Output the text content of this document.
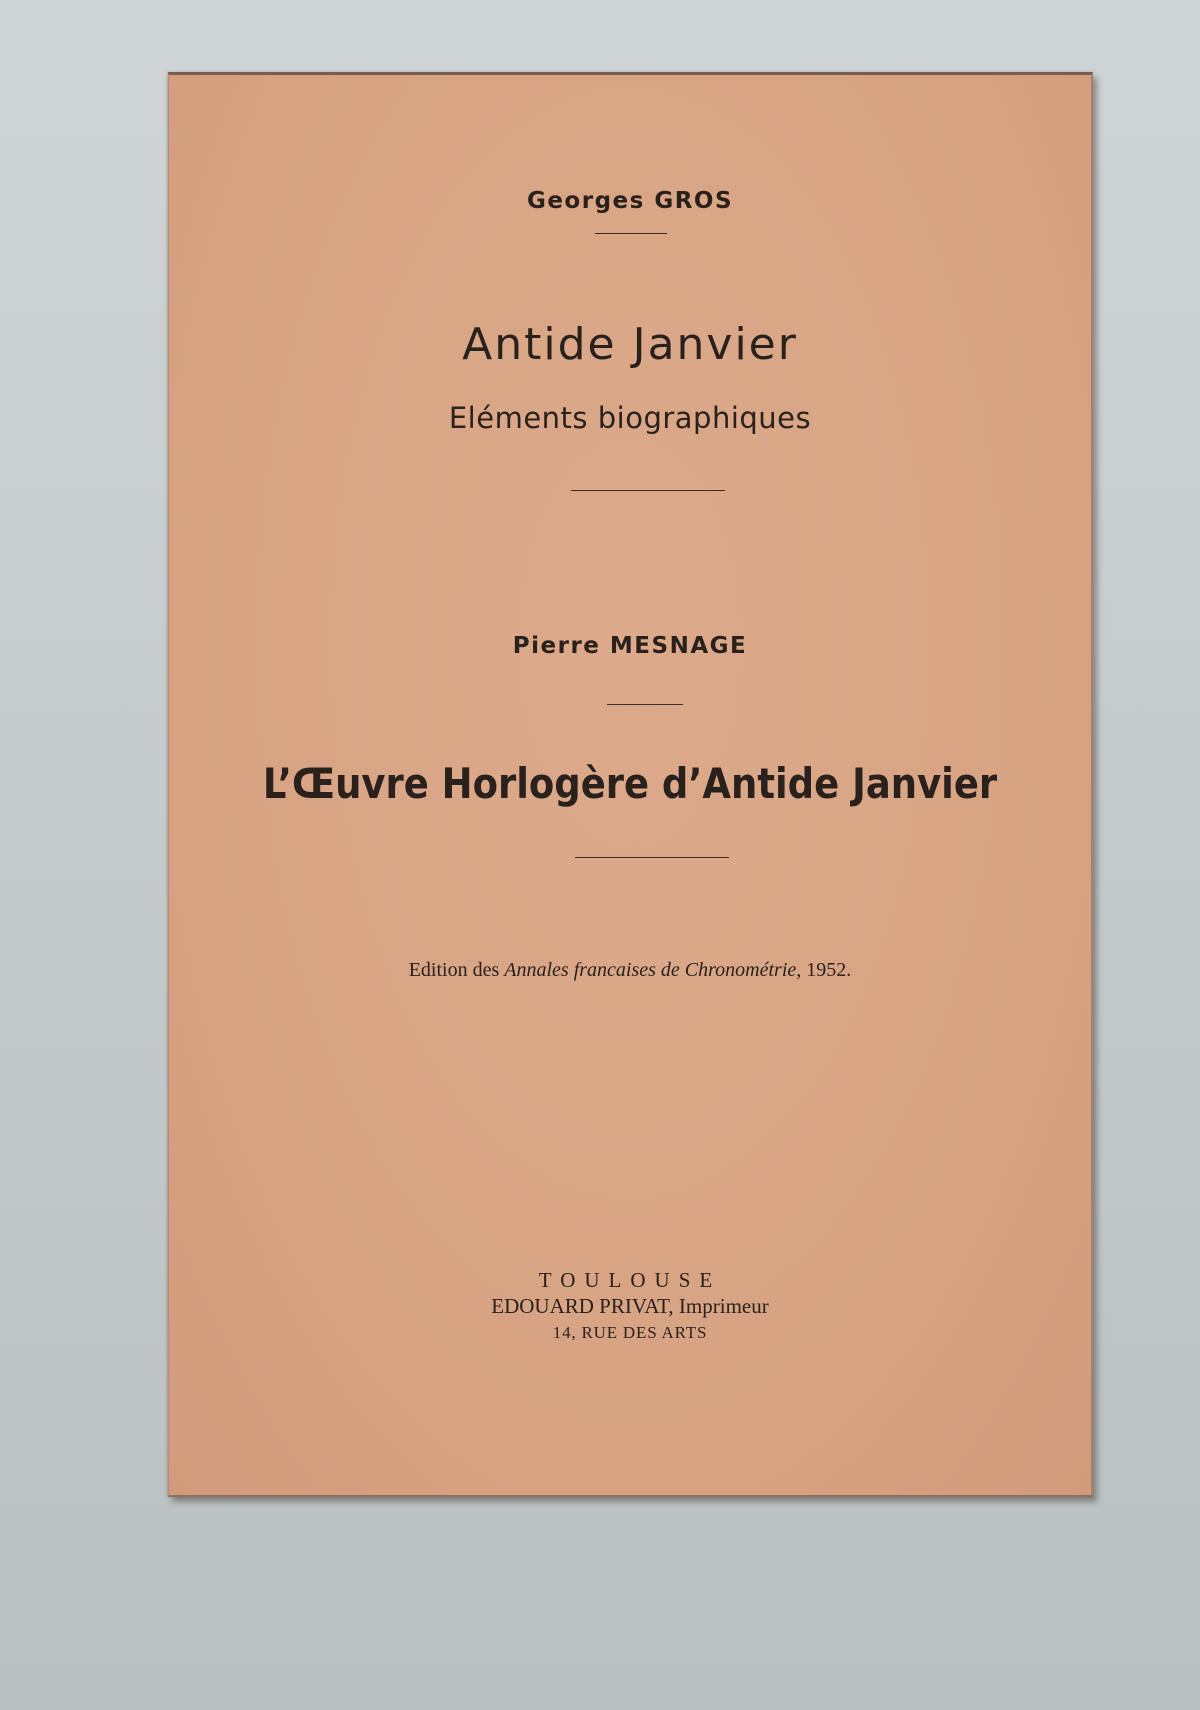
Georges GROS
Antide Janvier
Eléments biographiques
Pierre MESNAGE
L’Œuvre Horlogère d’Antide Janvier
Edition des Annales francaises de Chronométrie, 1952.
TOULOUSE
EDOUARD PRIVAT, Imprimeur
14, RUE DES ARTS
